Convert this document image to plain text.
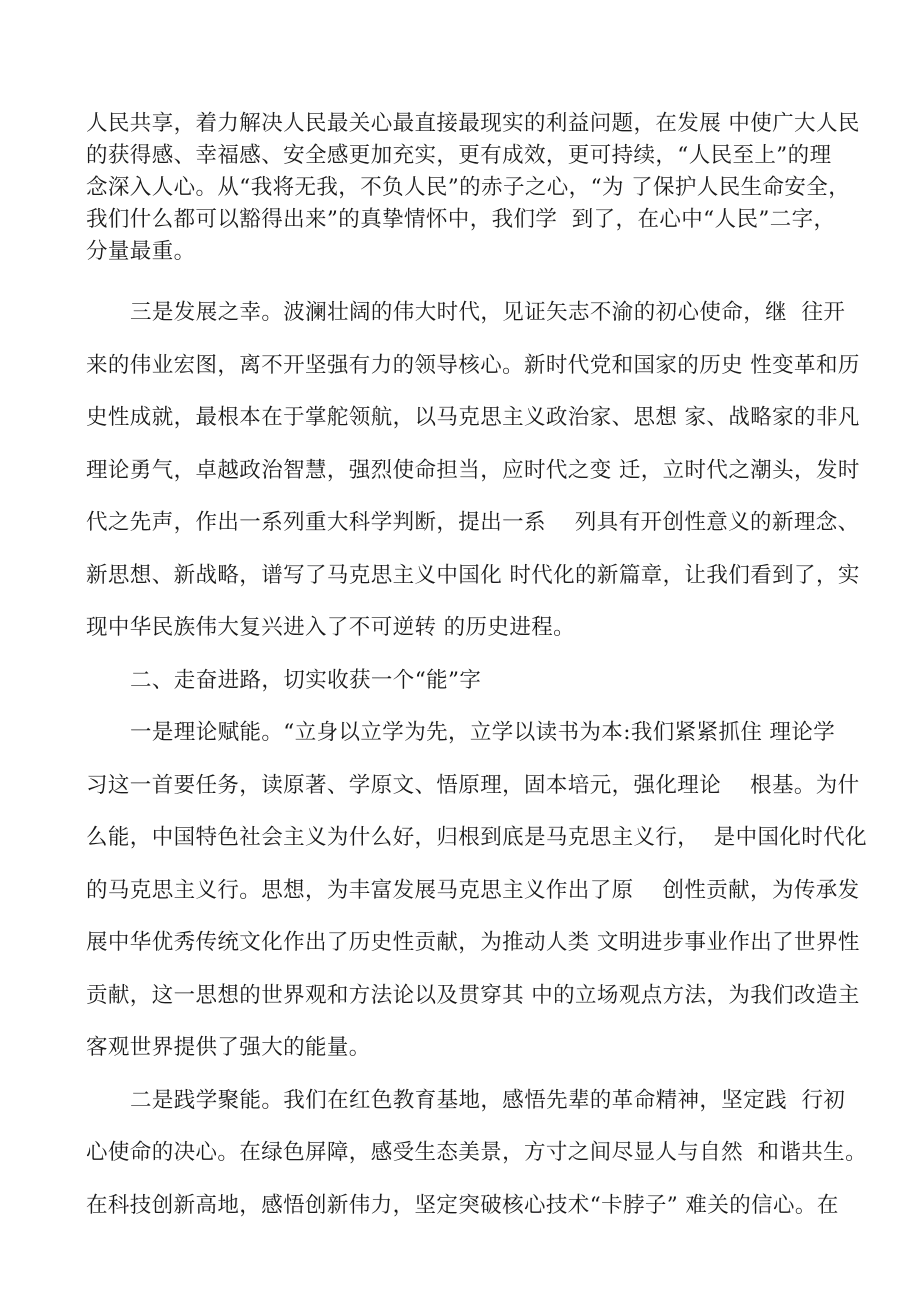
人民共享，着力解决人民最关心最直接最现实的利益问题，在发展 中使广大人民
的获得感、幸福感、安全感更加充实，更有成效，更可持续，“人民至上”的理
念深入人心。从“我将无我，不负人民”的赤子之心，“为 了保护人民生命安全，
我们什么都可以豁得出来”的真挚情怀中，我们学  到了，在心中“人民”二字，
分量最重。
三是发展之幸。波澜壮阔的伟大时代，见证矢志不渝的初心使命，继  往开
来的伟业宏图，离不开坚强有力的领导核心。新时代党和国家的历史 性变革和历
史性成就，最根本在于掌舵领航，以马克思主义政治家、思想 家、战略家的非凡
理论勇气，卓越政治智慧，强烈使命担当，应时代之变 迁，立时代之潮头，发时
代之先声，作出一系列重大科学判断，提出一系    列具有开创性意义的新理念、
新思想、新战略，谱写了马克思主义中国化 时代化的新篇章，让我们看到了，实
现中华民族伟大复兴进入了不可逆转 的历史进程。
二、走奋进路，切实收获一个“能”字
一是理论赋能。“立身以立学为先，立学以读书为本:我们紧紧抓住 理论学
习这一首要任务，读原著、学原文、悟原理，固本培元，强化理论    根基。为什
么能，中国特色社会主义为什么好，归根到底是马克思主义行，  是中国化时代化
的马克思主义行。思想，为丰富发展马克思主义作出了原    创性贡献，为传承发
展中华优秀传统文化作出了历史性贡献，为推动人类 文明进步事业作出了世界性
贡献，这一思想的世界观和方法论以及贯穿其 中的立场观点方法，为我们改造主
客观世界提供了强大的能量。
二是践学聚能。我们在红色教育基地，感悟先辈的革命精神，坚定践  行初
心使命的决心。在绿色屏障，感受生态美景，方寸之间尽显人与自然  和谐共生。
在科技创新高地，感悟创新伟力，坚定突破核心技术“卡脖子” 难关的信心。在
